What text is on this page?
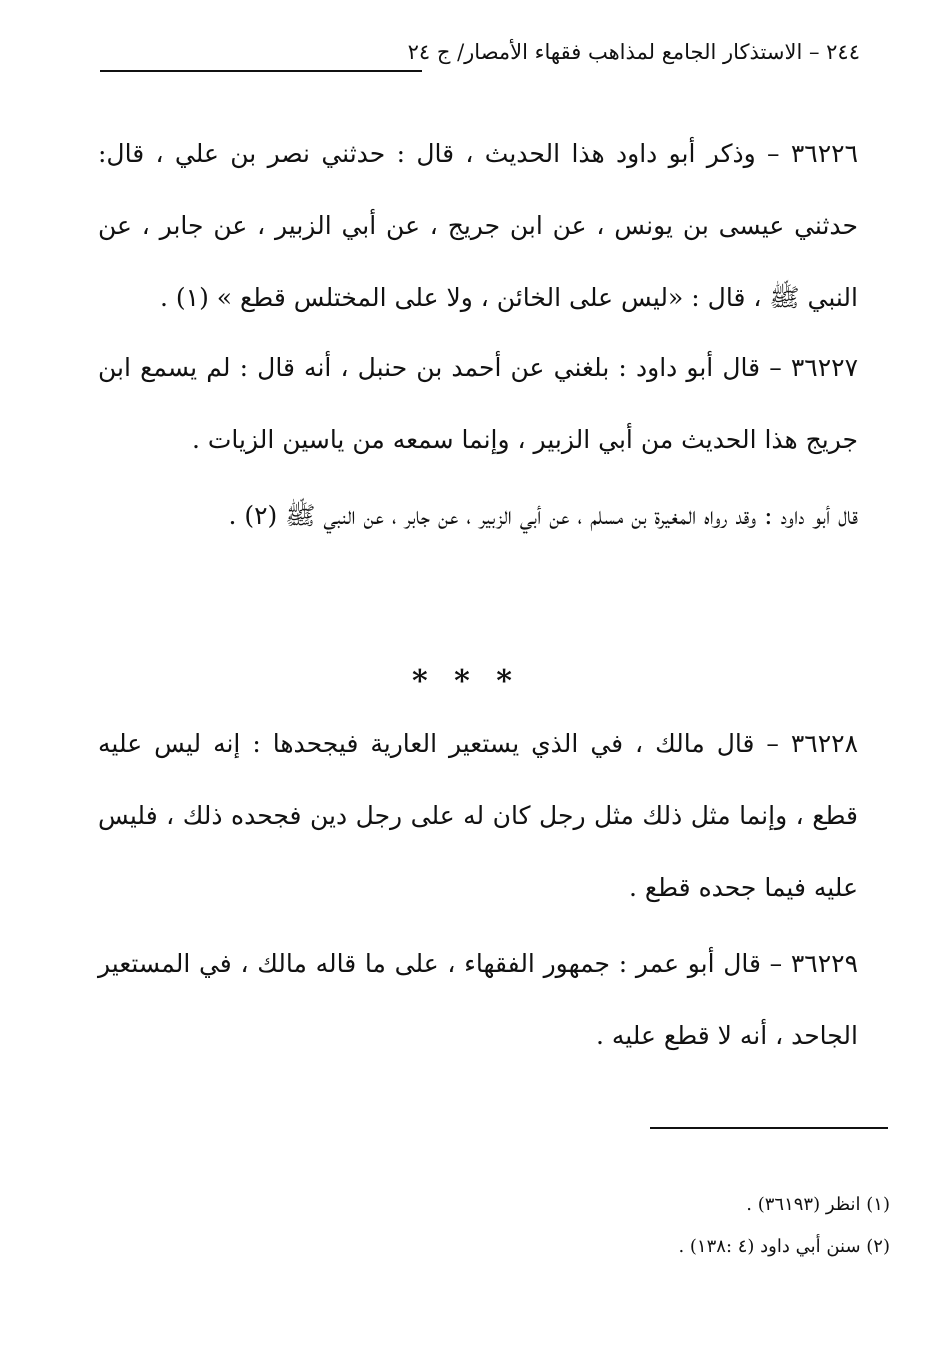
٢٤٤ – الاستذكار الجامع لمذاهب فقهاء الأمصار/ ج ٢٤
٣٦٢٢٦ – وذكر أبو داود هذا الحديث ، قال : حدثني نصر بن علي ، قال: حدثني عيسى بن يونس ، عن ابن جريج ، عن أبي الزبير ، عن جابر ، عن النبي ﷺ ، قال : «ليس على الخائن ، ولا على المختلس قطع » (١) .
٣٦٢٢٧ – قال أبو داود : بلغني عن أحمد بن حنبل ، أنه قال : لم يسمع ابن جريج هذا الحديث من أبي الزبير ، وإنما سمعه من ياسين الزيات .
قال أبو داود : وقد رواه المغيرة بن مسلم ، عن أبي الزبير ، عن جابر ، عن النبي ﷺ (٢) .
* * *
٣٦٢٢٨ – قال مالك ، في الذي يستعير العارية فيجحدها : إنه ليس عليه قطع ، وإنما مثل ذلك مثل رجل كان له على رجل دين فجحده ذلك ، فليس عليه فيما جحده قطع .
٣٦٢٢٩ – قال أبو عمر : جمهور الفقهاء ، على ما قاله مالك ، في المستعير الجاحد ، أنه لا قطع عليه .
(١) انظر (٣٦١٩٣) .
(٢) سنن أبي داود (٤ :١٣٨) .
